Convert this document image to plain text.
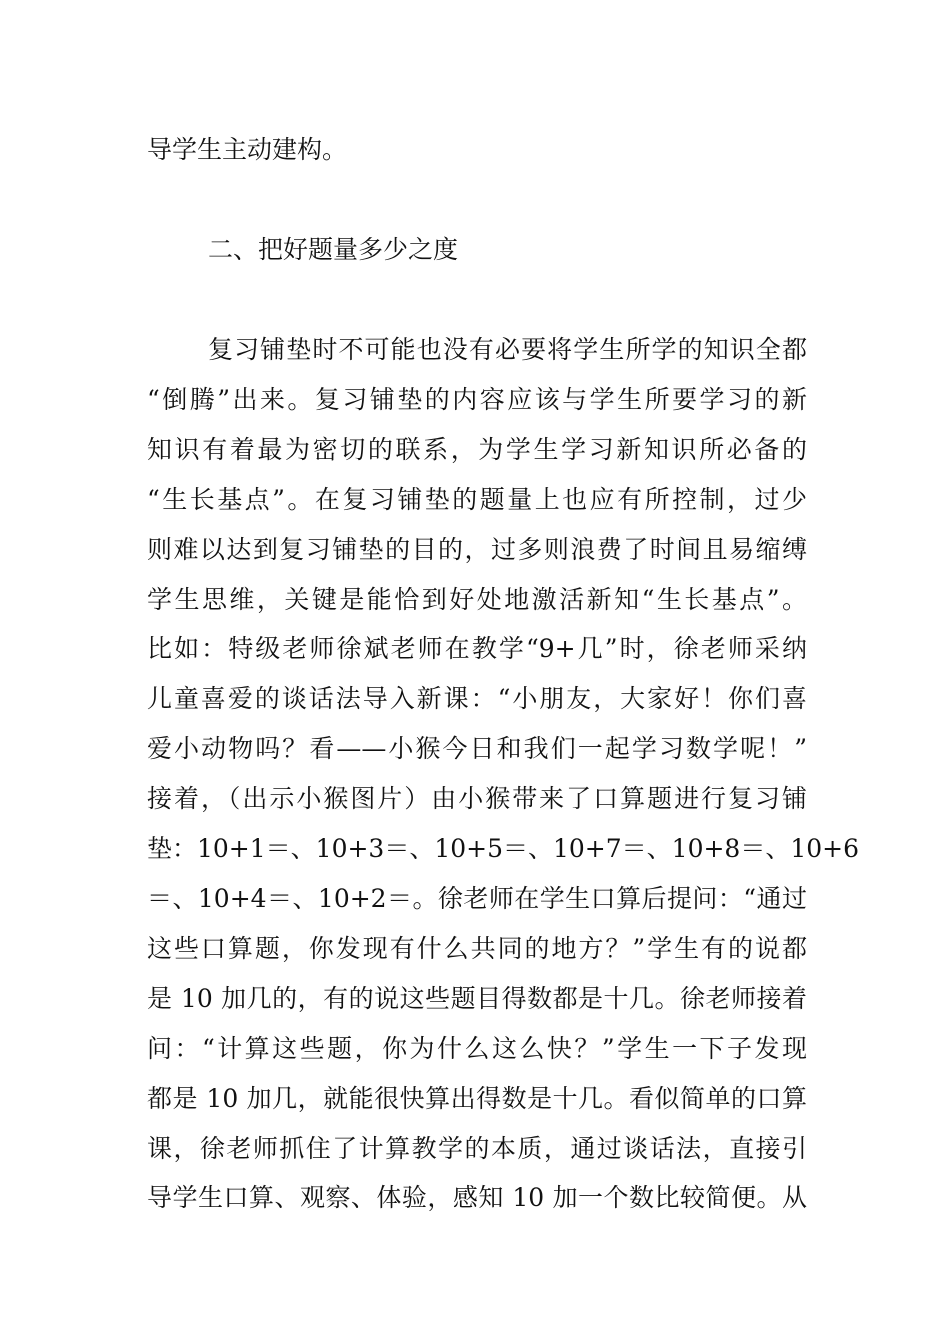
导学生主动建构。
二、把好题量多少之度
复习铺垫时不可能也没有必要将学生所学的知识全都
“倒腾”出来。复习铺垫的内容应该与学生所要学习的新
知识有着最为密切的联系，为学生学习新知识所必备的
“生长基点”。在复习铺垫的题量上也应有所控制，过少
则难以达到复习铺垫的目的，过多则浪费了时间且易缩缚
学生思维，关键是能恰到好处地激活新知“生长基点”。
比如：特级老师徐斌老师在教学“9+几”时，徐老师采纳
儿童喜爱的谈话法导入新课：“小朋友，大家好！你们喜
爱小动物吗？看——小猴今日和我们一起学习数学呢！”
接着，（出示小猴图片）由小猴带来了口算题进行复习铺
垫：10+1＝、10+3＝、10+5＝、10+7＝、10+8＝、10+6
＝、10+4＝、10+2＝。徐老师在学生口算后提问：“通过
这些口算题，你发现有什么共同的地方？”学生有的说都
是 10 加几的，有的说这些题目得数都是十几。徐老师接着
问：“计算这些题，你为什么这么快？”学生一下子发现
都是 10 加几，就能很快算出得数是十几。看似简单的口算
课，徐老师抓住了计算教学的本质，通过谈话法，直接引
导学生口算、观察、体验，感知 10 加一个数比较简便。从
